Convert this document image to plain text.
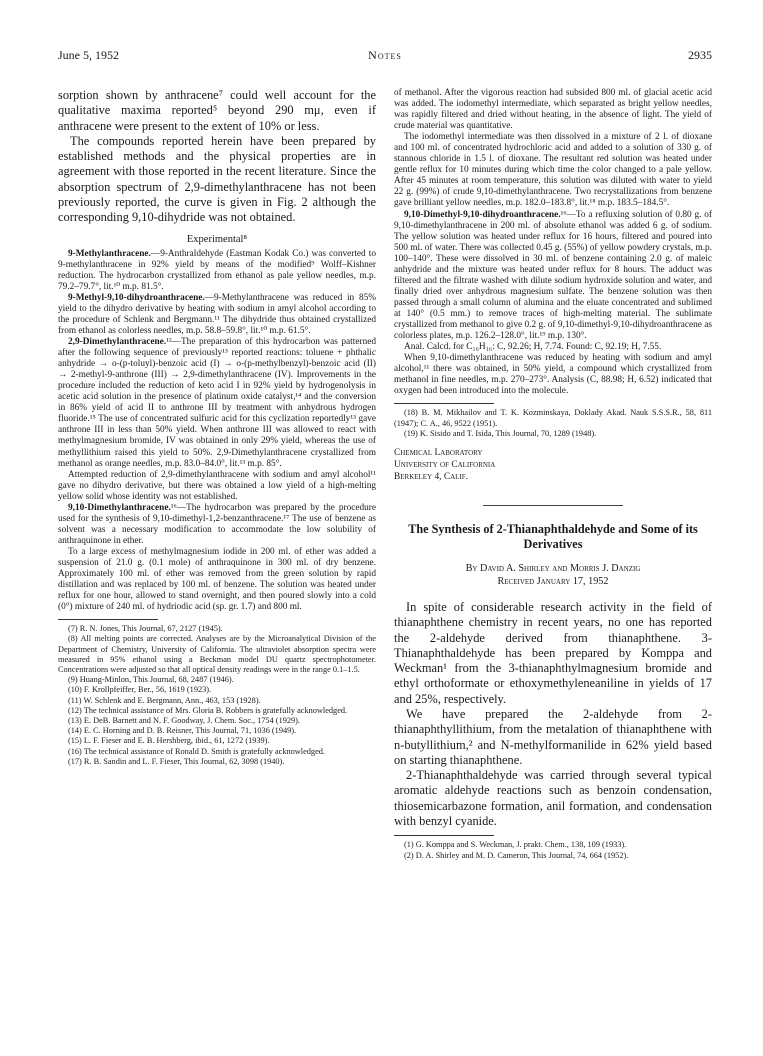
June 5, 1952	Notes	2935

sorption shown by anthracene⁷ could well account for the qualitative maxima reported⁵ beyond 290 mμ, even if anthracene were present to the extent of 10% or less.

The compounds reported herein have been prepared by established methods and the physical properties are in agreement with those reported in the recent literature. Since the absorption spectrum of 2,9-dimethylanthracene has not been previously reported, the curve is given in Fig. 2 although the corresponding 9,10-dihydride was not obtained.

Experimental⁸

9-Methylanthracene.—9-Anthraldehyde (Eastman Kodak Co.) was converted to 9-methylanthracene in 92% yield by means of the modified⁹ Wolff–Kishner reduction. The hydrocarbon crystallized from ethanol as pale yellow needles, m.p. 79.2–79.7°, lit.¹⁰ m.p. 81.5°.

9-Methyl-9,10-dihydroanthracene.—9-Methylanthracene was reduced in 85% yield to the dihydro derivative by heating with sodium in amyl alcohol according to the procedure of Schlenk and Bergmann.¹¹ The dihydride thus obtained crystallized from ethanol as colorless needles, m.p. 58.8–59.8°, lit.¹⁰ m.p. 61.5°.

2,9-Dimethylanthracene.¹²—The preparation of this hydrocarbon was patterned after the following sequence of previously¹³ reported reactions: toluene + phthalic anhydride → o-(p-toluyl)-benzoic acid (I) → o-(p-methylbenzyl)-benzoic acid (II) → 2-methyl-9-anthrone (III) → 2,9-dimethylanthracene (IV). Improvements in the procedure included the reduction of keto acid I in 92% yield by hydrogenolysis in acetic acid solution in the presence of platinum oxide catalyst,¹⁴ and the conversion in 86% yield of acid II to anthrone III by treatment with anhydrous hydrogen fluoride.¹⁵ The use of concentrated sulfuric acid for this cyclization reportedly¹³ gave anthrone III in less than 50% yield. When anthrone III was allowed to react with methylmagnesium bromide, IV was obtained in only 29% yield, whereas the use of methyllithium raised this yield to 50%. 2,9-Dimethylanthracene crystallized from methanol as orange needles, m.p. 83.0–84.0°, lit.¹³ m.p. 85°.

Attempted reduction of 2,9-dimethylanthracene with sodium and amyl alcohol¹¹ gave no dihydro derivative, but there was obtained a low yield of a high-melting yellow solid whose identity was not established.

9,10-Dimethylanthracene.¹⁶—The hydrocarbon was prepared by the procedure used for the synthesis of 9,10-dimethyl-1,2-benzanthracene.¹⁷ The use of benzene as solvent was a necessary modification to accommodate the low solubility of anthraquinone in ether.

To a large excess of methylmagnesium iodide in 200 ml. of ether was added a suspension of 21.0 g. (0.1 mole) of anthraquinone in 300 ml. of dry benzene. Approximately 100 ml. of ether was removed from the green solution by rapid distillation and was replaced by 100 ml. of benzene. The solution was heated under reflux for one hour, allowed to stand overnight, and then poured slowly into a cold (0°) mixture of 240 ml. of hydriodic acid (sp. gr. 1.7) and 800 ml.

(7) R. N. Jones, This Journal, 67, 2127 (1945).

(8) All melting points are corrected. Analyses are by the Microanalytical Division of the Department of Chemistry, University of California. The ultraviolet absorption spectra were measured in 95% ethanol using a Beckman model DU quartz spectrophotometer. Concentrations were adjusted so that all optical density readings were in the range 0.1–1.5.

(9) Huang-Minlon, This Journal, 68, 2487 (1946).

(10) F. Krollpfeiffer, Ber., 56, 1619 (1923).

(11) W. Schlenk and E. Bergmann, Ann., 463, 153 (1928).

(12) The technical assistance of Mrs. Gloria B. Robbers is gratefully acknowledged.

(13) E. DeB. Barnett and N. F. Goodway, J. Chem. Soc., 1754 (1929).

(14) E. C. Horning and D. B. Reisner, This Journal, 71, 1036 (1949).

(15) L. F. Fieser and E. B. Hershberg, ibid., 61, 1272 (1939).

(16) The technical assistance of Ronald D. Smith is gratefully acknowledged.

(17) R. B. Sandin and L. F. Fieser, This Journal, 62, 3098 (1940).

of methanol. After the vigorous reaction had subsided 800 ml. of glacial acetic acid was added. The iodomethyl intermediate, which separated as bright yellow needles, was rapidly filtered and dried without heating, in the absence of light. The yield of crude material was quantitative.

The iodomethyl intermediate was then dissolved in a mixture of 2 l. of dioxane and 100 ml. of concentrated hydrochloric acid and added to a solution of 330 g. of stannous chloride in 1.5 l. of dioxane. The resultant red solution was heated under gentle reflux for 10 minutes during which time the color changed to a pale yellow. After 45 minutes at room temperature, this solution was diluted with water to yield 22 g. (99%) of crude 9,10-dimethylanthracene. Two recrystallizations from benzene gave brilliant yellow needles, m.p. 182.0–183.8°, lit.¹⁸ m.p. 183.5–184.5°.

9,10-Dimethyl-9,10-dihydroanthracene.¹⁶—To a refluxing solution of 0.80 g. of 9,10-dimethylanthracene in 200 ml. of absolute ethanol was added 6 g. of sodium. The yellow solution was heated under reflux for 16 hours, filtered and poured into 500 ml. of water. There was collected 0.45 g. (55%) of yellow powdery crystals, m.p. 100–140°. These were dissolved in 30 ml. of benzene containing 2.0 g. of maleic anhydride and the mixture was heated under reflux for 8 hours. The adduct was filtered and the filtrate washed with dilute sodium hydroxide solution and water, and finally dried over anhydrous magnesium sulfate. The benzene solution was then passed through a small column of alumina and the eluate concentrated and sublimed at 140° (0.5 mm.) to remove traces of high-melting material. The sublimate crystallized from methanol to give 0.2 g. of 9,10-dimethyl-9,10-dihydroanthracene as colorless plates, m.p. 126.2–128.0°, lit.¹⁹ m.p. 130°.

Anal. Calcd. for C₁₆H₁₆: C, 92.26; H, 7.74. Found: C, 92.19; H, 7.55.

When 9,10-dimethylanthracene was reduced by heating with sodium and amyl alcohol,¹¹ there was obtained, in 50% yield, a compound which crystallized from methanol in fine needles, m.p. 270–273°. Analysis (C, 88.98; H, 6.52) indicated that oxygen had been introduced into the molecule.

(18) B. M. Mikhailov and T. K. Kozminskaya, Doklady Akad. Nauk S.S.S.R., 58, 811 (1947); C. A., 46, 9522 (1951).

(19) K. Sisido and T. Isida, This Journal, 70, 1289 (1948).

Chemical Laboratory
University of California
Berkeley 4, Calif.
The Synthesis of 2-Thianaphthaldehyde and Some of its Derivatives
By David A. Shirley and Morris J. Danzig
Received January 17, 1952

In spite of considerable research activity in the field of thianaphthene chemistry in recent years, no one has reported the 2-aldehyde derived from thianaphthene. 3-Thianaphthaldehyde has been prepared by Komppa and Weckman¹ from the 3-thianaphthylmagnesium bromide and ethyl orthoformate or ethoxymethyleneaniline in yields of 17 and 25%, respectively.

We have prepared the 2-aldehyde from 2-thianaphthyllithium, from the metalation of thianaphthene with n-butyllithium,² and N-methylformanilide in 62% yield based on starting thianaphthene.

2-Thianaphthaldehyde was carried through several typical aromatic aldehyde reactions such as benzoin condensation, thiosemicarbazone formation, anil formation, and condensation with benzyl cyanide.

(1) G. Komppa and S. Weckman, J. prakt. Chem., 138, 109 (1933).

(2) D. A. Shirley and M. D. Cameron, This Journal, 74, 664 (1952).
